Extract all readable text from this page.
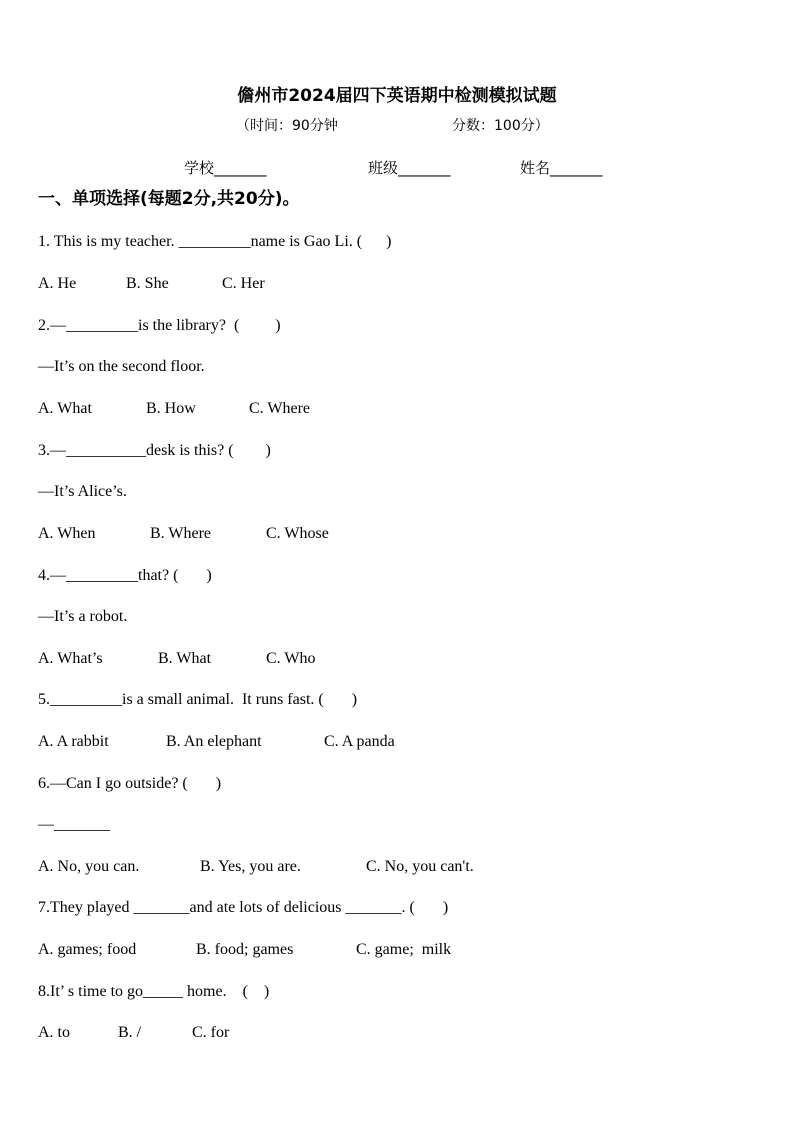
儋州市2024届四下英语期中检测模拟试题
（时间：90分钟	分数：100分）
学校_______	班级_______	姓名_______
一、单项选择(每题2分,共20分)。
1. This is my teacher. _________name is Gao Li. (      )
A. He	B. She	C. Her
2.—_________is the library?  (         )
—It’s on the second floor.
A. What	B. How	C. Where
3.—__________desk is this? (        )
—It’s Alice’s.
A. When	B. Where	C. Whose
4.—_________that? (       )
—It’s a robot.
A. What’s	B. What	C. Who
5._________is a small animal.  It runs fast. (       )
A. A rabbit	B. An elephant	C. A panda
6.—Can I go outside? (       )
—_______
A. No, you can.	B. Yes, you are.	C. No, you can't.
7.They played _______and ate lots of delicious _______. (       )
A. games; food	B. food; games	C. game;  milk
8.It’ s time to go_____ home.    (    )
A. to	B. /	C. for
